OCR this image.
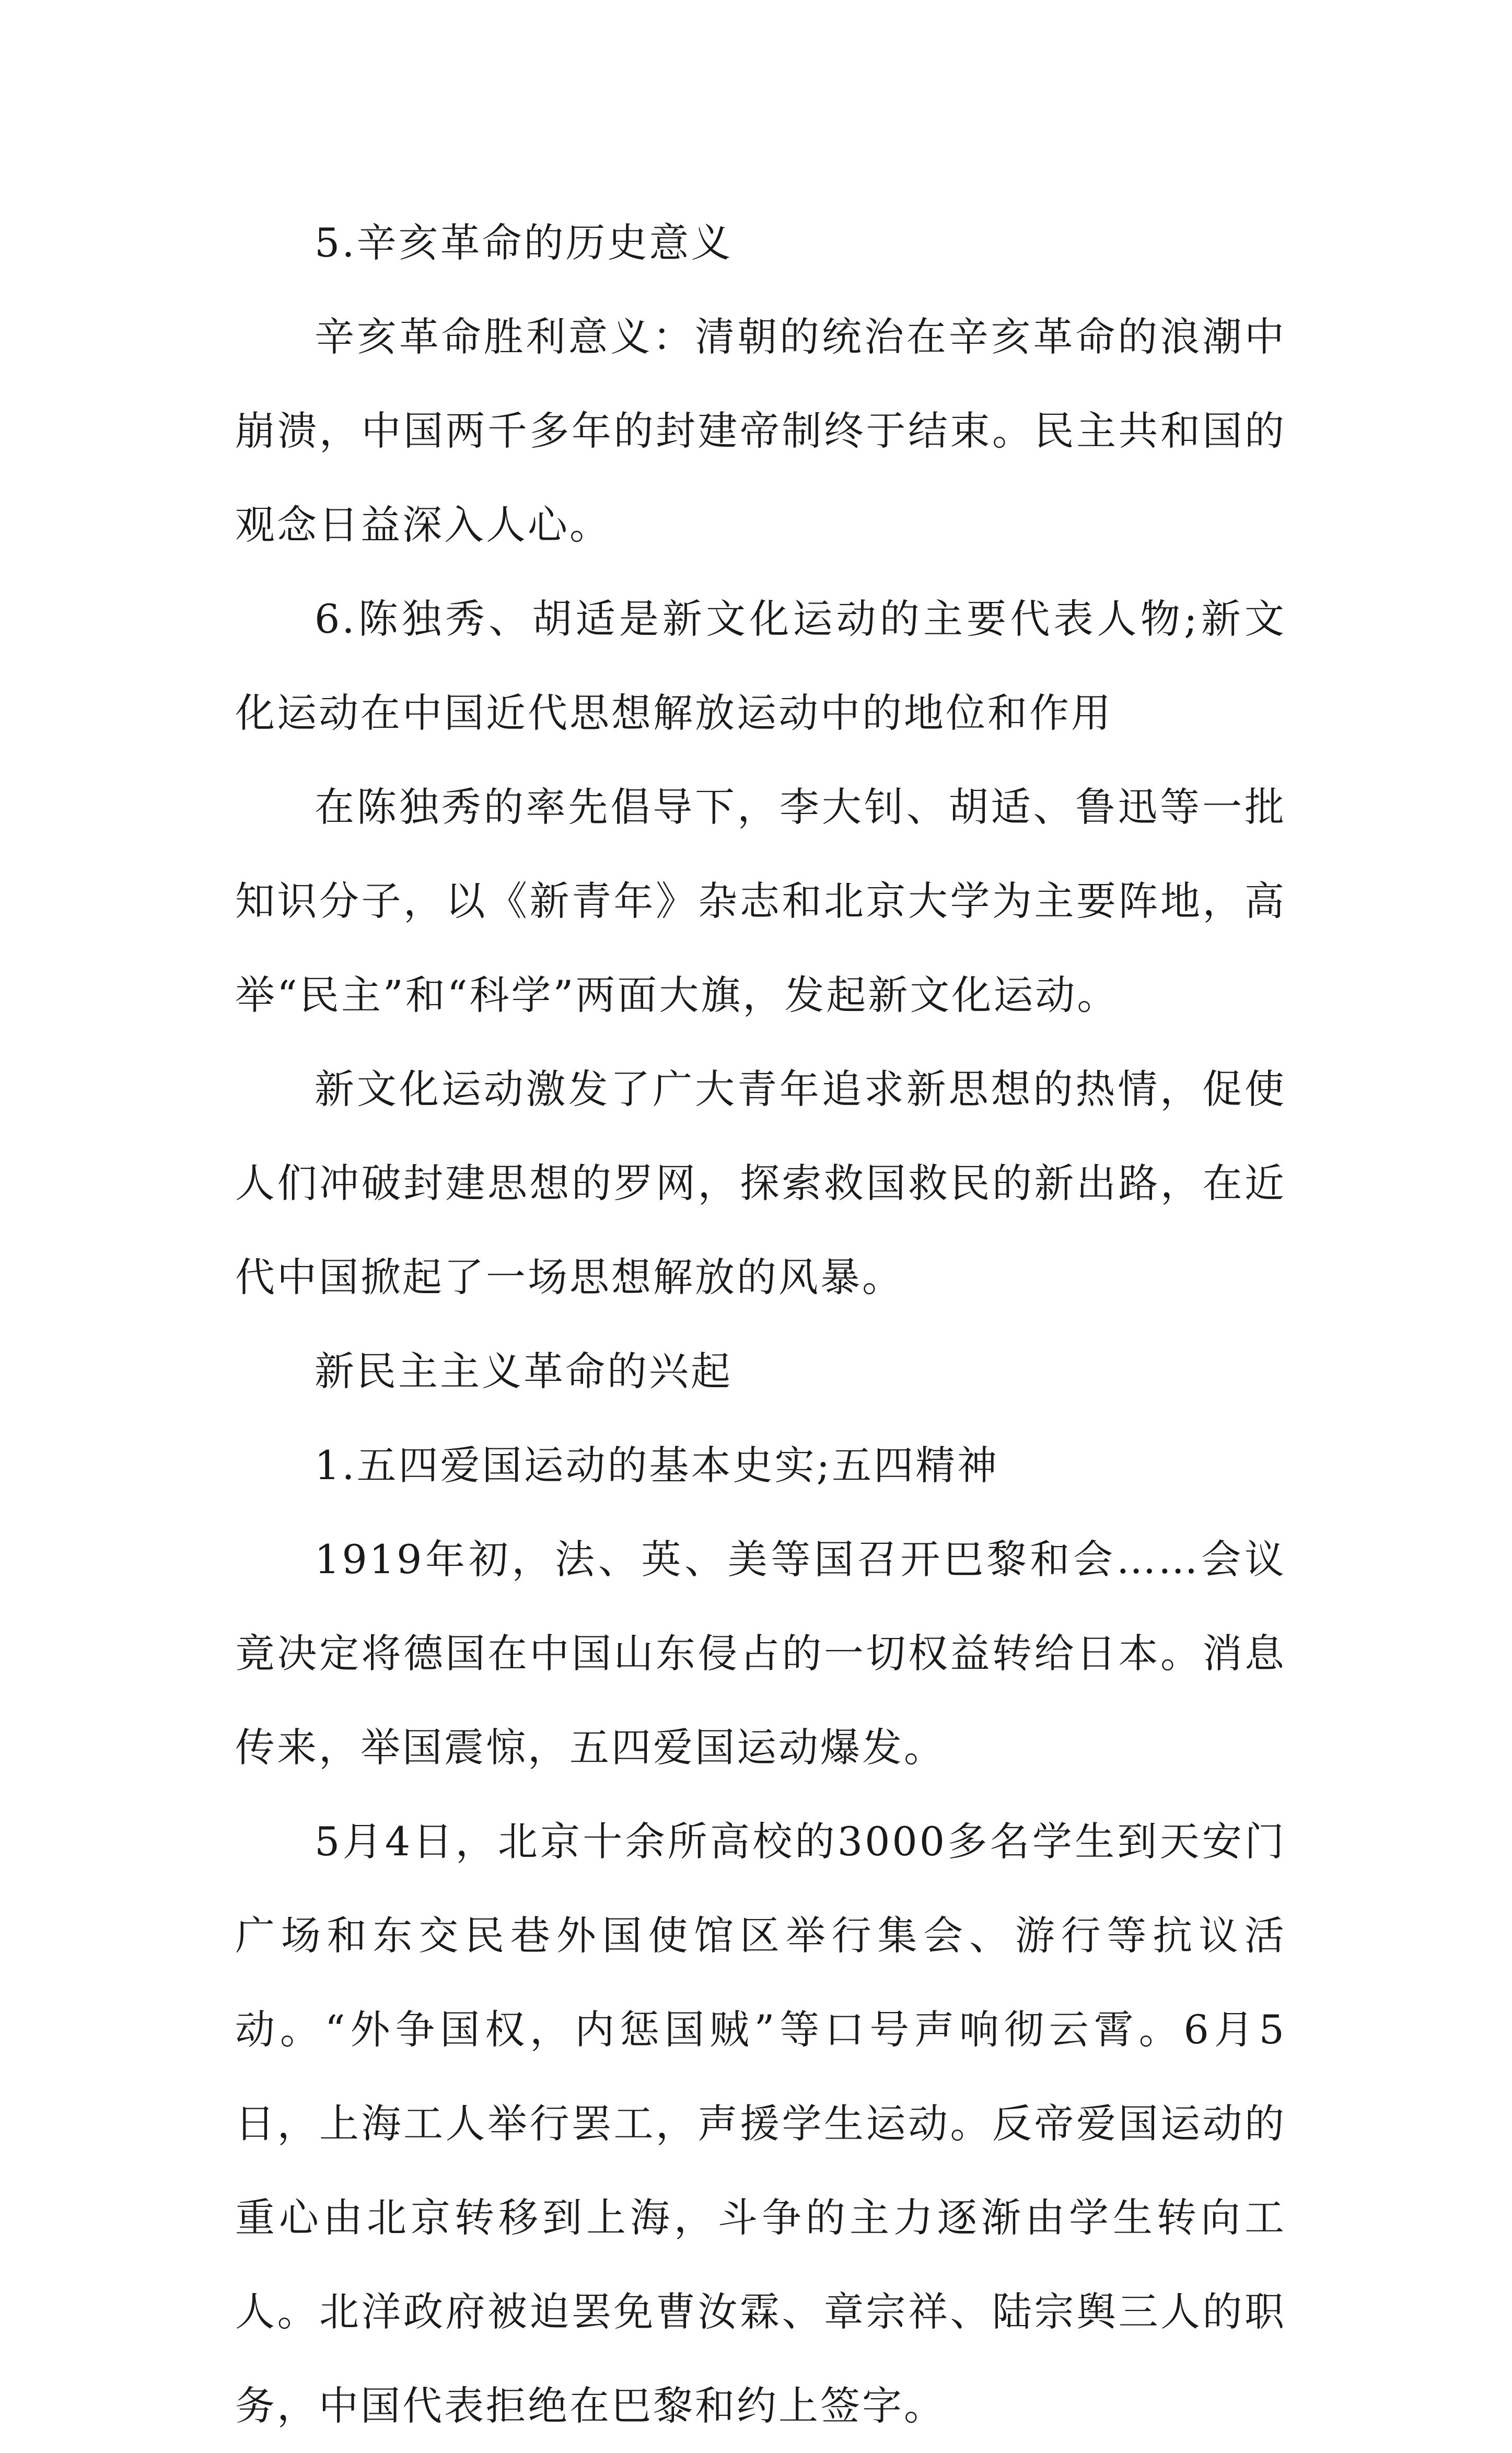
5.辛亥革命的历史意义

辛亥革命胜利意义：清朝的统治在辛亥革命的浪潮中崩溃，中国两千多年的封建帝制终于结束。民主共和国的观念日益深入人心。

6.陈独秀、胡适是新文化运动的主要代表人物;新文化运动在中国近代思想解放运动中的地位和作用

在陈独秀的率先倡导下，李大钊、胡适、鲁迅等一批知识分子，以《新青年》杂志和北京大学为主要阵地，高举“民主”和“科学”两面大旗，发起新文化运动。

新文化运动激发了广大青年追求新思想的热情，促使人们冲破封建思想的罗网，探索救国救民的新出路，在近代中国掀起了一场思想解放的风暴。

新民主主义革命的兴起

1.五四爱国运动的基本史实;五四精神

1919年初，法、英、美等国召开巴黎和会……会议竟决定将德国在中国山东侵占的一切权益转给日本。消息传来，举国震惊，五四爱国运动爆发。

5月4日，北京十余所高校的3000多名学生到天安门广场和东交民巷外国使馆区举行集会、游行等抗议活动。“外争国权，内惩国贼”等口号声响彻云霄。6月5日，上海工人举行罢工，声援学生运动。反帝爱国运动的重心由北京转移到上海，斗争的主力逐渐由学生转向工人。北洋政府被迫罢免曹汝霖、章宗祥、陆宗舆三人的职务，中国代表拒绝在巴黎和约上签字。
